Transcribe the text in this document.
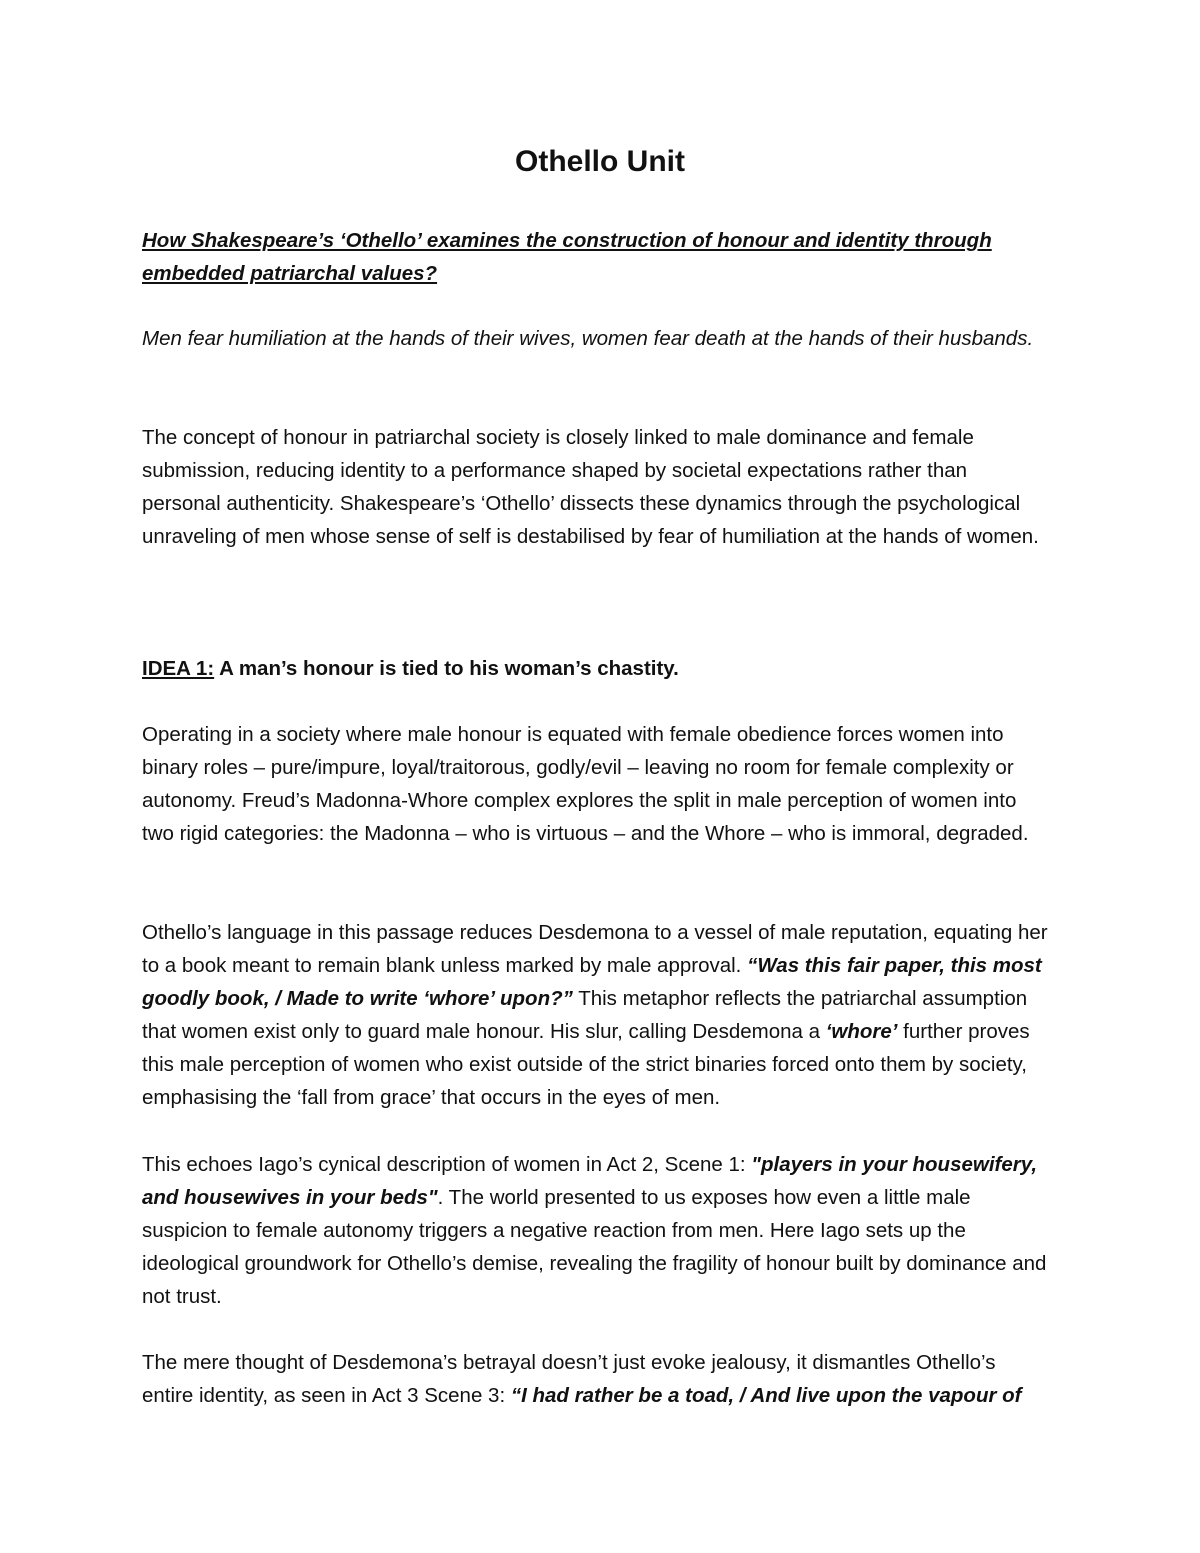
Othello Unit

How Shakespeare’s ‘Othello’ examines the construction of honour and identity through embedded patriarchal values?

Men fear humiliation at the hands of their wives, women fear death at the hands of their husbands.

The concept of honour in patriarchal society is closely linked to male dominance and female submission, reducing identity to a performance shaped by societal expectations rather than personal authenticity. Shakespeare’s ‘Othello’ dissects these dynamics through the psychological unraveling of men whose sense of self is destabilised by fear of humiliation at the hands of women.

IDEA 1: A man’s honour is tied to his woman’s chastity.

Operating in a society where male honour is equated with female obedience forces women into binary roles – pure/impure, loyal/traitorous, godly/evil – leaving no room for female complexity or autonomy. Freud’s Madonna-Whore complex explores the split in male perception of women into two rigid categories: the Madonna – who is virtuous – and the Whore – who is immoral, degraded.

Othello’s language in this passage reduces Desdemona to a vessel of male reputation, equating her to a book meant to remain blank unless marked by male approval. “Was this fair paper, this most goodly book, / Made to write ‘whore’ upon?” This metaphor reflects the patriarchal assumption that women exist only to guard male honour. His slur, calling Desdemona a ‘whore’ further proves this male perception of women who exist outside of the strict binaries forced onto them by society, emphasising the ‘fall from grace’ that occurs in the eyes of men.

This echoes Iago’s cynical description of women in Act 2, Scene 1: "players in your housewifery, and housewives in your beds". The world presented to us exposes how even a little male suspicion to female autonomy triggers a negative reaction from men. Here Iago sets up the ideological groundwork for Othello’s demise, revealing the fragility of honour built by dominance and not trust.

The mere thought of Desdemona’s betrayal doesn’t just evoke jealousy, it dismantles Othello’s entire identity, as seen in Act 3 Scene 3: “I had rather be a toad, / And live upon the vapour of
